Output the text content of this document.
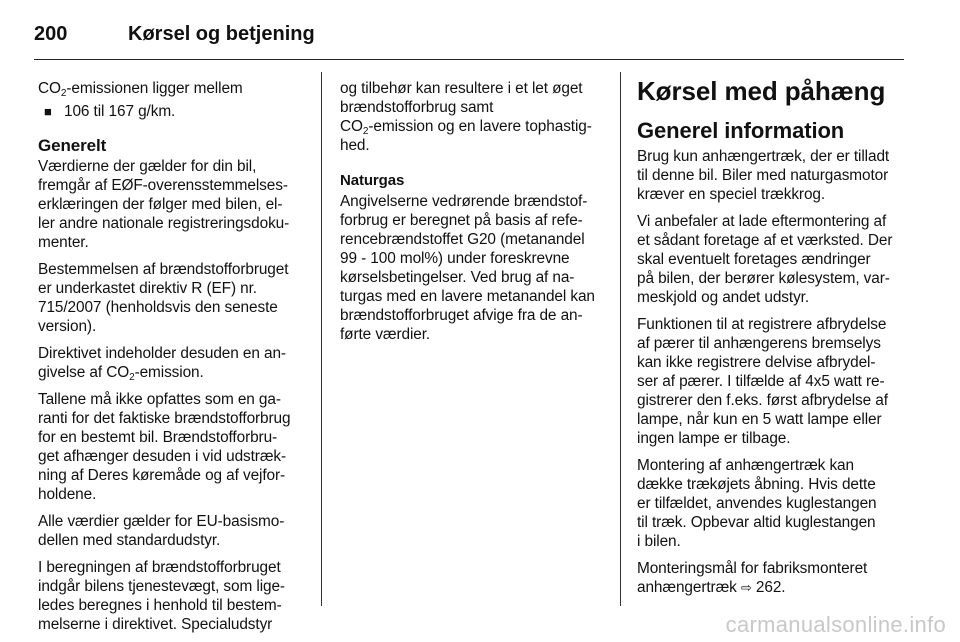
200	Kørsel og betjening

$CO_2$-emissionen ligger mellem

■ 106 til 167 g/km.
Generelt

Værdierne der gælder for din bil,
fremgår af EØF-overensstemmelses-
erklæringen der følger med bilen, el-
ler andre nationale registreringsdoku-
menter.

Bestemmelsen af brændstofforbruget
er underkastet direktiv R (EF) nr.
715/2007 (henholdsvis den seneste
version).

Direktivet indeholder desuden en an-
givelse af $CO_2$-emission.

Tallene må ikke opfattes som en ga-
ranti for det faktiske brændstofforbrug
for en bestemt bil. Brændstofforbru-
get afhænger desuden i vid udstræk-
ning af Deres køremåde og af vejfor-
holdene.

Alle værdier gælder for EU-basismo-
dellen med standardudstyr.

I beregningen af brændstofforbruget
indgår bilens tjenestevægt, som lige-
ledes beregnes i henhold til bestem-
melserne i direktivet. Specialudstyr

og tilbehør kan resultere i et let øget
brændstofforbrug samt
$CO_2$-emission og en lavere tophastig-
hed.

Naturgas

Angivelserne vedrørende brændstof-
forbrug er beregnet på basis af refe-
rencebrændstoffet G20 (metanandel
99 - 100 mol%) under foreskrevne
kørselsbetingelser. Ved brug af na-
turgas med en lavere metanandel kan
brændstofforbruget afvige fra de an-
førte værdier.

Kørsel med påhæng
Generel information

Brug kun anhængertræk, der er tilladt
til denne bil. Biler med naturgasmotor
kræver en speciel trækkrog.

Vi anbefaler at lade eftermontering af
et sådant foretage af et værksted. Der
skal eventuelt foretages ændringer
på bilen, der berører kølesystem, var-
meskjold og andet udstyr.

Funktionen til at registrere afbrydelse
af pærer til anhængerens bremselys
kan ikke registrere delvise afbrydel-
ser af pærer. I tilfælde af 4x5 watt re-
gistrerer den f.eks. først afbrydelse af
lampe, når kun en 5 watt lampe eller
ingen lampe er tilbage.

Montering af anhængertræk kan
dække trækøjets åbning. Hvis dette
er tilfældet, anvendes kuglestangen
til træk. Opbevar altid kuglestangen
i bilen.

Monteringsmål for fabriksmonteret
anhængertræk ⇨ 262.

carmanualsonline.info
